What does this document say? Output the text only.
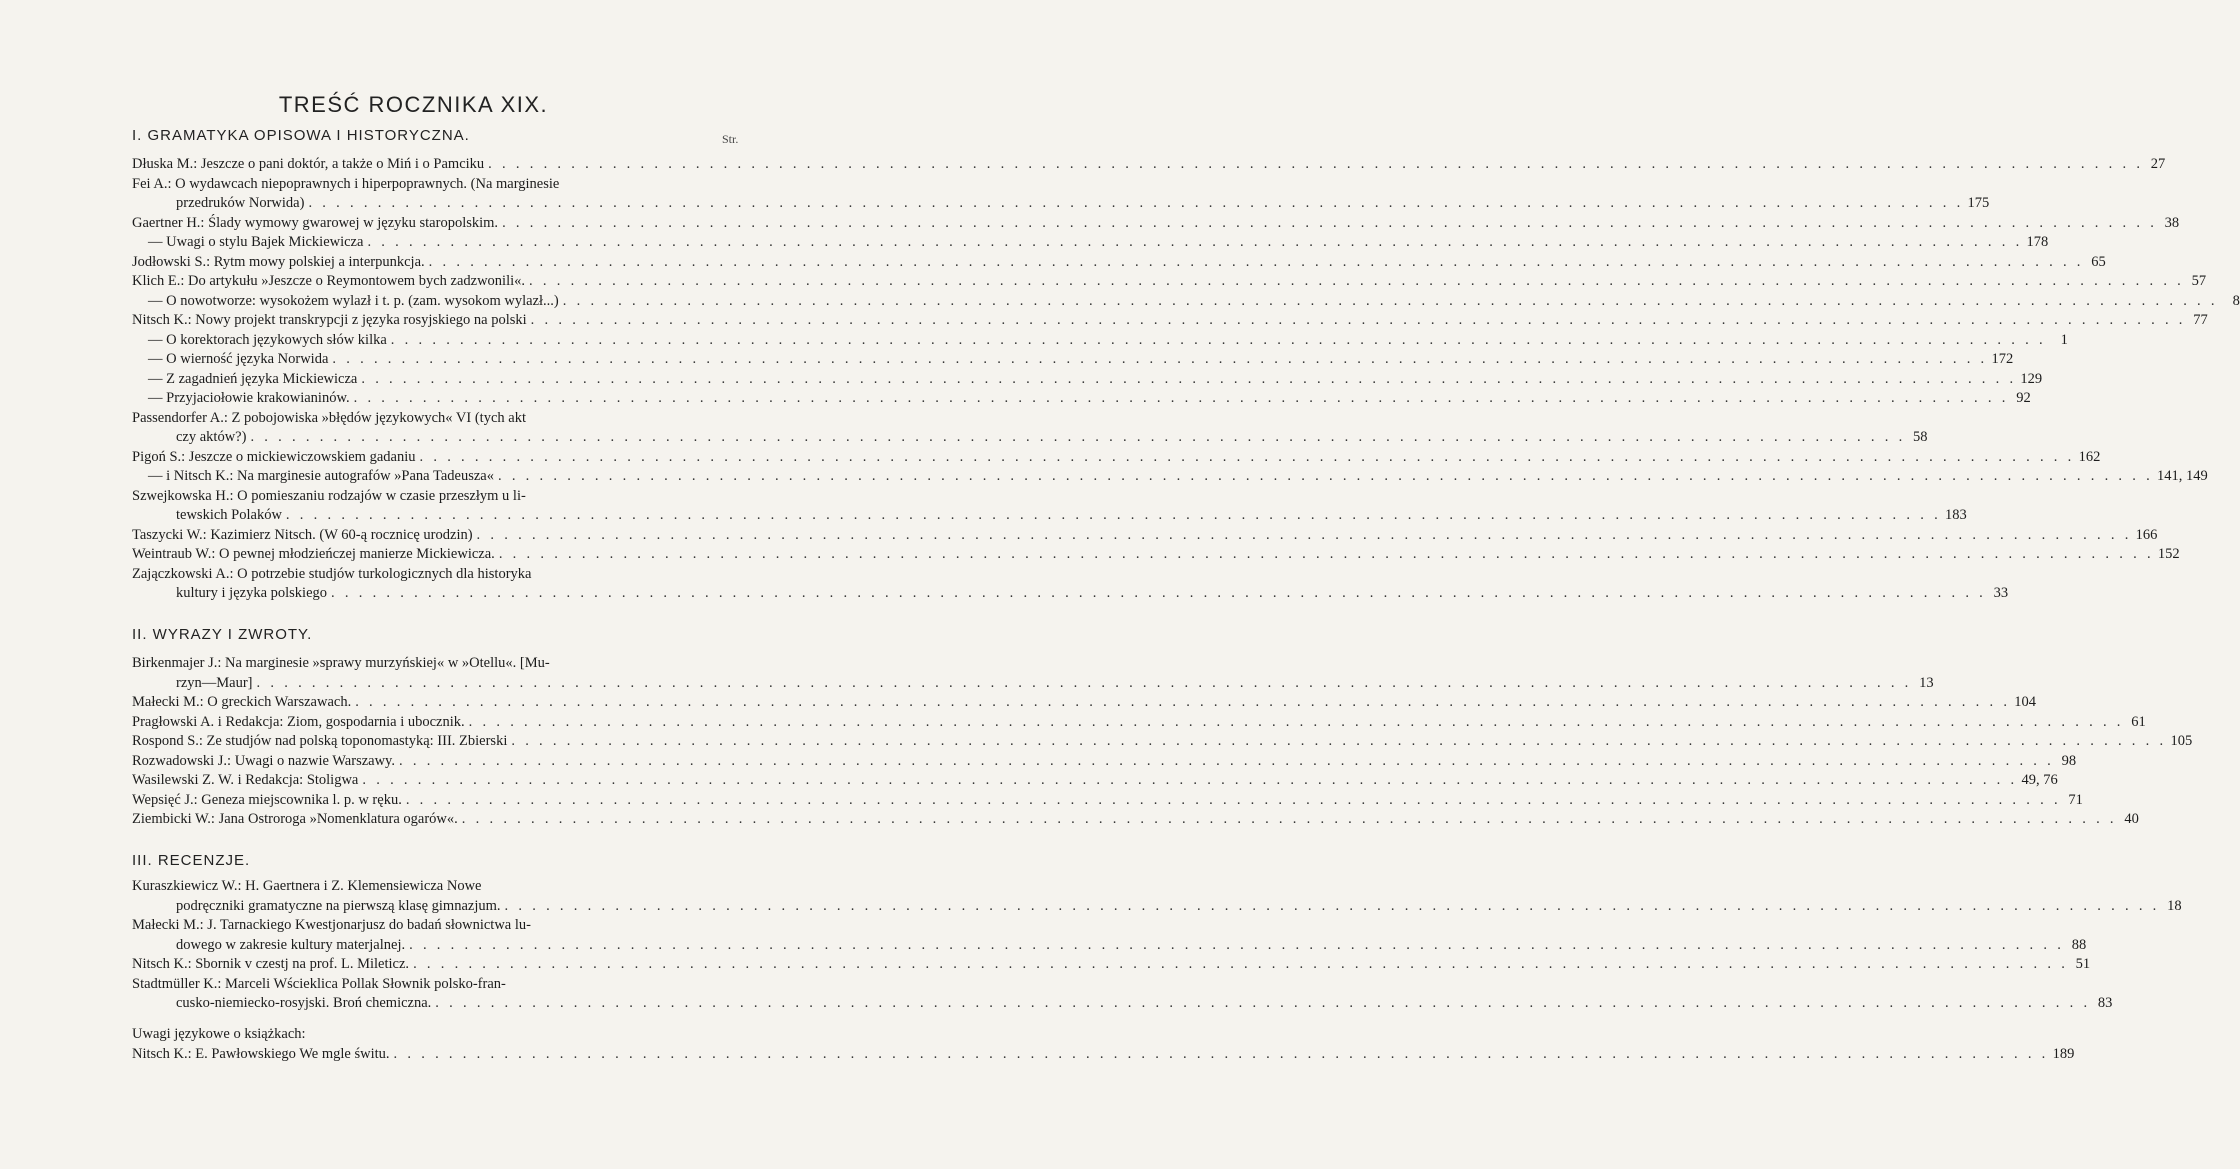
TREŚĆ ROCZNIKA XIX.
Str.
I. GRAMATYKA OPISOWA I HISTORYCZNA.
Dłuska M.: Jeszcze o pani doktór, a także o Miń i o Pamciku . . . . . . . . . . . . . . . . . . . . . . . . . . . . . . . . . . . . . . . . . . . . . . . . . . . . . . . . . . . . . . . . . . . . . . . . . . . . . . . . . . . . . . . . . . . . . . . . . . . . . . . . . . . . . . . . . . . . . . . . 27
Fei A.: O wydawcach niepoprawnych i hiperpoprawnych. (Na marginesie
przedruków Norwida) . . . . . . . . . . . . . . . . . . . . . . . . . . . . . . . . . . . . . . . . . . . . . . . . . . . . . . . . . . . . . . . . . . . . . . . . . . . . . . . . . . . . . . . . . . . . . . . . . . . . . . . . . . . . . . . . . . . . . . . . 175
Gaertner H.: Ślady wymowy gwarowej w języku staropolskim. . . . . . . . . . . . . . . . . . . . . . . . . . . . . . . . . . . . . . . . . . . . . . . . . . . . . . . . . . . . . . . . . . . . . . . . . . . . . . . . . . . . . . . . . . . . . . . . . . . . . . . . . . . . . . . . . . . . . . . . . 38
— Uwagi o stylu Bajek Mickiewicza . . . . . . . . . . . . . . . . . . . . . . . . . . . . . . . . . . . . . . . . . . . . . . . . . . . . . . . . . . . . . . . . . . . . . . . . . . . . . . . . . . . . . . . . . . . . . . . . . . . . . . . . . . . . . . . . . . . . . . . . 178
Jodłowski S.: Rytm mowy polskiej a interpunkcja. . . . . . . . . . . . . . . . . . . . . . . . . . . . . . . . . . . . . . . . . . . . . . . . . . . . . . . . . . . . . . . . . . . . . . . . . . . . . . . . . . . . . . . . . . . . . . . . . . . . . . . . . . . . . . . . . . . . . . . . . 65
Klich E.: Do artykułu »Jeszcze o Reymontowem bych zadzwonili«. . . . . . . . . . . . . . . . . . . . . . . . . . . . . . . . . . . . . . . . . . . . . . . . . . . . . . . . . . . . . . . . . . . . . . . . . . . . . . . . . . . . . . . . . . . . . . . . . . . . . . . . . . . . . . . . . . . . . . . . . 57
— O nowotworze: wysokożem wylazł i t. p. (zam. wysokom wylazł...) . . . . . . . . . . . . . . . . . . . . . . . . . . . . . . . . . . . . . . . . . . . . . . . . . . . . . . . . . . . . . . . . . . . . . . . . . . . . . . . . . . . . . . . . . . . . . . . . . . . . . . . . . . . . . . . . . . . . . . . .	8
Nitsch K.: Nowy projekt transkrypcji z języka rosyjskiego na polski . . . . . . . . . . . . . . . . . . . . . . . . . . . . . . . . . . . . . . . . . . . . . . . . . . . . . . . . . . . . . . . . . . . . . . . . . . . . . . . . . . . . . . . . . . . . . . . . . . . . . . . . . . . . . . . . . . . . . . . . 77
— O korektorach językowych słów kilka . . . . . . . . . . . . . . . . . . . . . . . . . . . . . . . . . . . . . . . . . . . . . . . . . . . . . . . . . . . . . . . . . . . . . . . . . . . . . . . . . . . . . . . . . . . . . . . . . . . . . . . . . . . . . . . . . . . . . . . .	1
— O wierność języka Norwida . . . . . . . . . . . . . . . . . . . . . . . . . . . . . . . . . . . . . . . . . . . . . . . . . . . . . . . . . . . . . . . . . . . . . . . . . . . . . . . . . . . . . . . . . . . . . . . . . . . . . . . . . . . . . . . . . . . . . . . . 172
— Z zagadnień języka Mickiewicza . . . . . . . . . . . . . . . . . . . . . . . . . . . . . . . . . . . . . . . . . . . . . . . . . . . . . . . . . . . . . . . . . . . . . . . . . . . . . . . . . . . . . . . . . . . . . . . . . . . . . . . . . . . . . . . . . . . . . . . . 129
— Przyjaciołowie krakowianinów. . . . . . . . . . . . . . . . . . . . . . . . . . . . . . . . . . . . . . . . . . . . . . . . . . . . . . . . . . . . . . . . . . . . . . . . . . . . . . . . . . . . . . . . . . . . . . . . . . . . . . . . . . . . . . . . . . . . . . . . . 92
Passendorfer A.: Z pobojowiska »błędów językowych« VI (tych akt
czy aktów?) . . . . . . . . . . . . . . . . . . . . . . . . . . . . . . . . . . . . . . . . . . . . . . . . . . . . . . . . . . . . . . . . . . . . . . . . . . . . . . . . . . . . . . . . . . . . . . . . . . . . . . . . . . . . . . . . . . . . . . . . 58
Pigoń S.: Jeszcze o mickiewiczowskiem gadaniu . . . . . . . . . . . . . . . . . . . . . . . . . . . . . . . . . . . . . . . . . . . . . . . . . . . . . . . . . . . . . . . . . . . . . . . . . . . . . . . . . . . . . . . . . . . . . . . . . . . . . . . . . . . . . . . . . . . . . . . . 162
— i Nitsch K.: Na marginesie autografów »Pana Tadeusza« . . . . . . . . . . . . . . . . . . . . . . . . . . . . . . . . . . . . . . . . . . . . . . . . . . . . . . . . . . . . . . . . . . . . . . . . . . . . . . . . . . . . . . . . . . . . . . . . . . . . . . . . . . . . . . . . . . . . . . . . 141, 149
Szwejkowska H.: O pomieszaniu rodzajów w czasie przeszłym u li-
tewskich Polaków . . . . . . . . . . . . . . . . . . . . . . . . . . . . . . . . . . . . . . . . . . . . . . . . . . . . . . . . . . . . . . . . . . . . . . . . . . . . . . . . . . . . . . . . . . . . . . . . . . . . . . . . . . . . . . . . . . . . . . . . 183
Taszycki W.: Kazimierz Nitsch. (W 60-ą rocznicę urodzin) . . . . . . . . . . . . . . . . . . . . . . . . . . . . . . . . . . . . . . . . . . . . . . . . . . . . . . . . . . . . . . . . . . . . . . . . . . . . . . . . . . . . . . . . . . . . . . . . . . . . . . . . . . . . . . . . . . . . . . . . 166
Weintraub W.: O pewnej młodzieńczej manierze Mickiewicza. . . . . . . . . . . . . . . . . . . . . . . . . . . . . . . . . . . . . . . . . . . . . . . . . . . . . . . . . . . . . . . . . . . . . . . . . . . . . . . . . . . . . . . . . . . . . . . . . . . . . . . . . . . . . . . . . . . . . . . . . 152
Zajączkowski A.: O potrzebie studjów turkologicznych dla historyka
kultury i języka polskiego . . . . . . . . . . . . . . . . . . . . . . . . . . . . . . . . . . . . . . . . . . . . . . . . . . . . . . . . . . . . . . . . . . . . . . . . . . . . . . . . . . . . . . . . . . . . . . . . . . . . . . . . . . . . . . . . . . . . . . . . 33
II. WYRAZY I ZWROTY.
Birkenmajer J.: Na marginesie »sprawy murzyńskiej« w »Otellu«. [Mu-
rzyn—Maur] . . . . . . . . . . . . . . . . . . . . . . . . . . . . . . . . . . . . . . . . . . . . . . . . . . . . . . . . . . . . . . . . . . . . . . . . . . . . . . . . . . . . . . . . . . . . . . . . . . . . . . . . . . . . . . . . . . . . . . . . 13
Małecki M.: O greckich Warszawach. . . . . . . . . . . . . . . . . . . . . . . . . . . . . . . . . . . . . . . . . . . . . . . . . . . . . . . . . . . . . . . . . . . . . . . . . . . . . . . . . . . . . . . . . . . . . . . . . . . . . . . . . . . . . . . . . . . . . . . . . 104
Pragłowski A. i Redakcja: Ziom, gospodarnia i ubocznik. . . . . . . . . . . . . . . . . . . . . . . . . . . . . . . . . . . . . . . . . . . . . . . . . . . . . . . . . . . . . . . . . . . . . . . . . . . . . . . . . . . . . . . . . . . . . . . . . . . . . . . . . . . . . . . . . . . . . . . . . 61
Rospond S.: Ze studjów nad polską toponomastyką: III. Zbierski . . . . . . . . . . . . . . . . . . . . . . . . . . . . . . . . . . . . . . . . . . . . . . . . . . . . . . . . . . . . . . . . . . . . . . . . . . . . . . . . . . . . . . . . . . . . . . . . . . . . . . . . . . . . . . . . . . . . . . . . 105
Rozwadowski J.: Uwagi o nazwie Warszawy. . . . . . . . . . . . . . . . . . . . . . . . . . . . . . . . . . . . . . . . . . . . . . . . . . . . . . . . . . . . . . . . . . . . . . . . . . . . . . . . . . . . . . . . . . . . . . . . . . . . . . . . . . . . . . . . . . . . . . . . . 98
Wasilewski Z. W. i Redakcja: Stoligwa . . . . . . . . . . . . . . . . . . . . . . . . . . . . . . . . . . . . . . . . . . . . . . . . . . . . . . . . . . . . . . . . . . . . . . . . . . . . . . . . . . . . . . . . . . . . . . . . . . . . . . . . . . . . . . . . . . . . . . . . 49, 76
Wepsięć J.: Geneza miejscownika l. p. w ręku. . . . . . . . . . . . . . . . . . . . . . . . . . . . . . . . . . . . . . . . . . . . . . . . . . . . . . . . . . . . . . . . . . . . . . . . . . . . . . . . . . . . . . . . . . . . . . . . . . . . . . . . . . . . . . . . . . . . . . . . . 71
Ziembicki W.: Jana Ostroroga »Nomenklatura ogarów«. . . . . . . . . . . . . . . . . . . . . . . . . . . . . . . . . . . . . . . . . . . . . . . . . . . . . . . . . . . . . . . . . . . . . . . . . . . . . . . . . . . . . . . . . . . . . . . . . . . . . . . . . . . . . . . . . . . . . . . . . 40
III. RECENZJE.
Kuraszkiewicz W.: H. Gaertnera i Z. Klemensiewicza Nowe
podręczniki gramatyczne na pierwszą klasę gimnazjum. . . . . . . . . . . . . . . . . . . . . . . . . . . . . . . . . . . . . . . . . . . . . . . . . . . . . . . . . . . . . . . . . . . . . . . . . . . . . . . . . . . . . . . . . . . . . . . . . . . . . . . . . . . . . . . . . . . . . . . . . 18
Małecki M.: J. Tarnackiego Kwestjonarjusz do badań słownictwa lu-
dowego w zakresie kultury materjalnej. . . . . . . . . . . . . . . . . . . . . . . . . . . . . . . . . . . . . . . . . . . . . . . . . . . . . . . . . . . . . . . . . . . . . . . . . . . . . . . . . . . . . . . . . . . . . . . . . . . . . . . . . . . . . . . . . . . . . . . . . 88
Nitsch K.: Sbornik v czestj na prof. L. Mileticz. . . . . . . . . . . . . . . . . . . . . . . . . . . . . . . . . . . . . . . . . . . . . . . . . . . . . . . . . . . . . . . . . . . . . . . . . . . . . . . . . . . . . . . . . . . . . . . . . . . . . . . . . . . . . . . . . . . . . . . . . 51
Stadtmüller K.: Marceli Wścieklica Pollak Słownik polsko-fran-
cusko-niemiecko-rosyjski. Broń chemiczna. . . . . . . . . . . . . . . . . . . . . . . . . . . . . . . . . . . . . . . . . . . . . . . . . . . . . . . . . . . . . . . . . . . . . . . . . . . . . . . . . . . . . . . . . . . . . . . . . . . . . . . . . . . . . . . . . . . . . . . . . 83
Uwagi językowe o książkach:
Nitsch K.: E. Pawłowskiego We mgle świtu. . . . . . . . . . . . . . . . . . . . . . . . . . . . . . . . . . . . . . . . . . . . . . . . . . . . . . . . . . . . . . . . . . . . . . . . . . . . . . . . . . . . . . . . . . . . . . . . . . . . . . . . . . . . . . . . . . . . . . . . . 189
